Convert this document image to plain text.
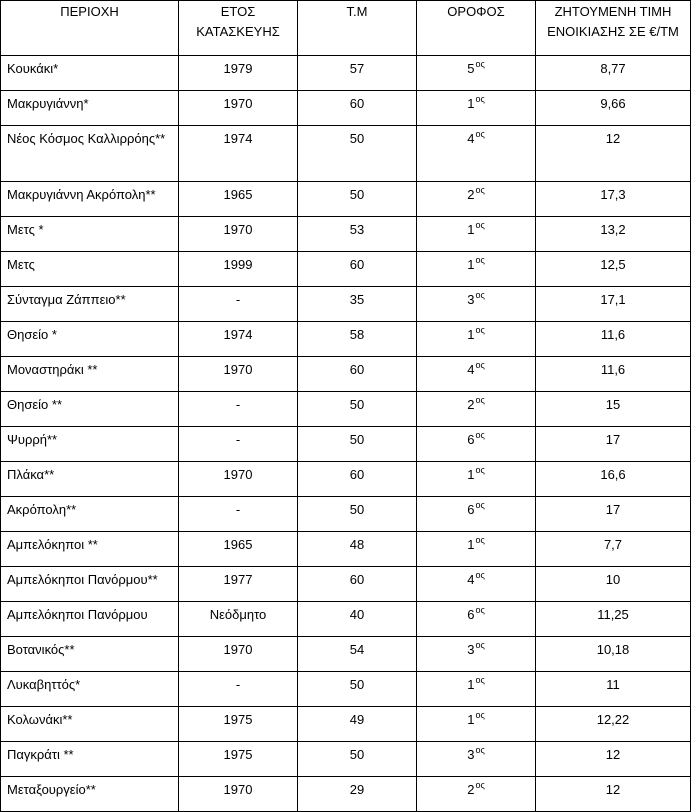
ΠΕΡΙΟΧΗ	ΕΤΟΣ ΚΑΤΑΣΚΕΥΗΣ	Τ.Μ	ΟΡΟΦΟΣ	ΖΗΤΟΥΜΕΝΗ ΤΙΜΗ ΕΝΟΙΚΙΑΣΗΣ ΣΕ €/ΤΜ
Κουκάκι*	1979	57	$5^{o\varsigma}$	8,77
Μακρυγιάννη*	1970	60	$1^{o\varsigma}$	9,66
Νέος Κόσμος Καλλιρρόης**	1974	50	$4^{o\varsigma}$	12
Μακρυγιάννη Ακρόπολη**	1965	50	$2^{o\varsigma}$	17,3
Μετς *	1970	53	$1^{o\varsigma}$	13,2
Μετς	1999	60	$1^{o\varsigma}$	12,5
Σύνταγμα Ζάππειο**	-	35	$3^{o\varsigma}$	17,1
Θησείο *	1974	58	$1^{o\varsigma}$	11,6
Μοναστηράκι **	1970	60	$4^{o\varsigma}$	11,6
Θησείο **	-	50	$2^{o\varsigma}$	15
Ψυρρή**	-	50	$6^{o\varsigma}$	17
Πλάκα**	1970	60	$1^{o\varsigma}$	16,6
Ακρόπολη**	-	50	$6^{o\varsigma}$	17
Αμπελόκηποι **	1965	48	$1^{o\varsigma}$	7,7
Αμπελόκηποι Πανόρμου**	1977	60	$4^{o\varsigma}$	10
Αμπελόκηποι Πανόρμου	Νεόδμητο	40	$6^{o\varsigma}$	11,25
Βοτανικός**	1970	54	$3^{o\varsigma}$	10,18
Λυκαβηττός*	-	50	$1^{o\varsigma}$	11
Κολωνάκι**	1975	49	$1^{o\varsigma}$	12,22
Παγκράτι **	1975	50	$3^{o\varsigma}$	12
Μεταξουργείο**	1970	29	$2^{o\varsigma}$	12
